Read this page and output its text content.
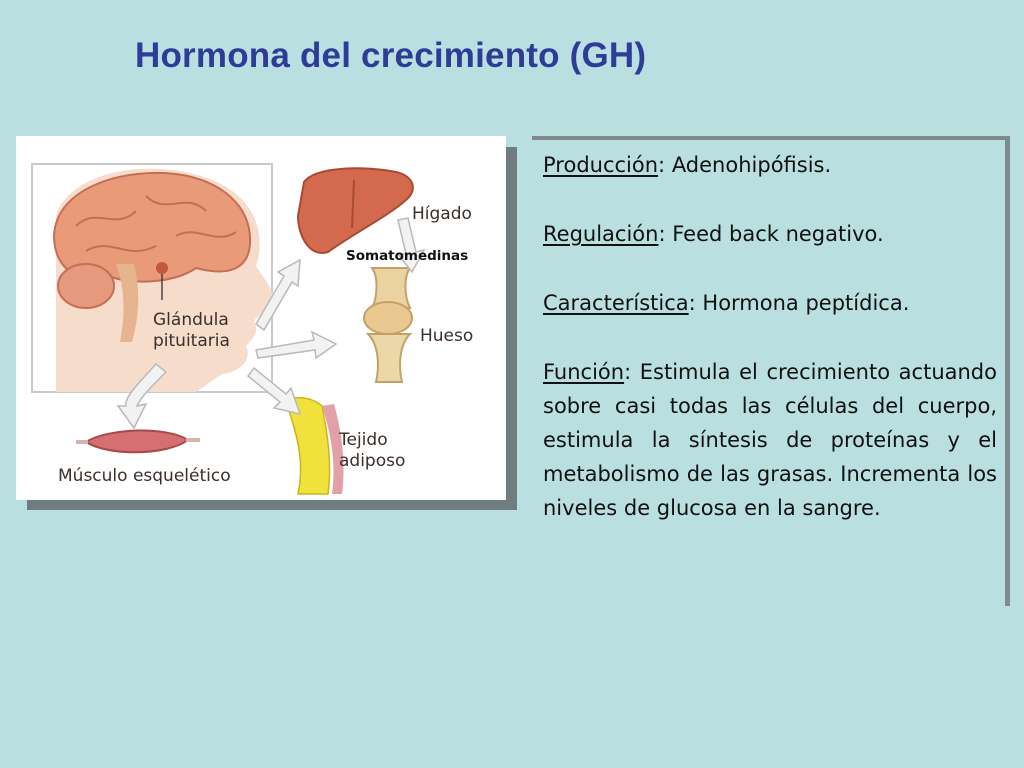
Hormona del crecimiento (GH)
Hígado
Hueso
Glándula
pituitaria
Tejido
adiposo
Músculo esquelético
Somatomedinas

Producción: Adenohipófisis.

Regulación: Feed back negativo.

Característica: Hormona peptídica.

Función: Estimula el crecimiento actuando sobre casi todas las células del cuerpo, estimula la síntesis de proteínas y el metabolismo de las grasas. Incrementa los niveles de glucosa en la sangre.
